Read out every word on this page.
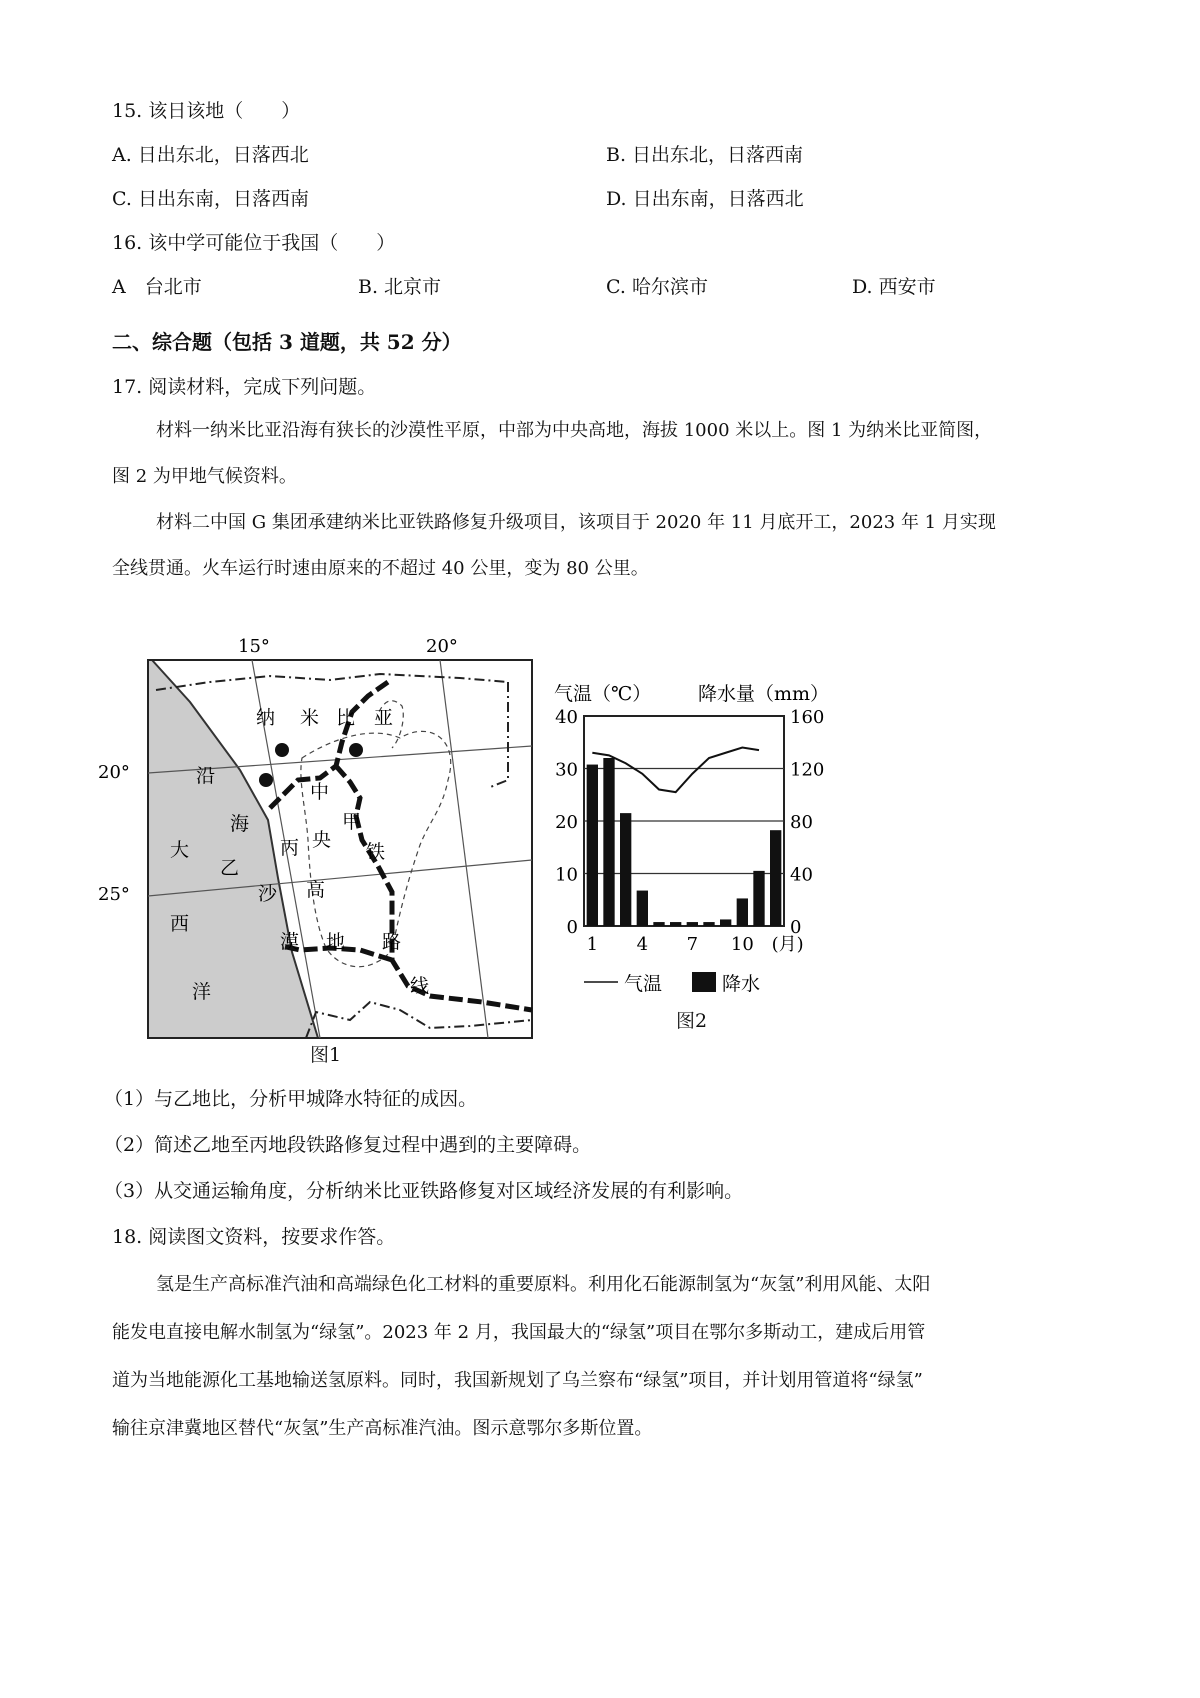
15. 该日该地（　　）
A. 日出东北，日落西北	B. 日出东北，日落西南
C. 日出东南，日落西南	D. 日出东南，日落西北
16. 该中学可能位于我国（　　）
A　台北市	B. 北京市	C. 哈尔滨市	D. 西安市
二、综合题（包括 3 道题，共 52 分）
17. 阅读材料，完成下列问题。
材料一纳米比亚沿海有狭长的沙漠性平原，中部为中央高地，海拔 1000 米以上。图 1 为纳米比亚简图，
图 2 为甲地气候资料。
材料二中国 G 集团承建纳米比亚铁路修复升级项目，该项目于 2020 年 11 月底开工，2023 年 1 月实现
全线贯通。火车运行时速由原来的不超过 40 公里，变为 80 公里。
15°	20°
20°
25°
纳 米 比 亚
沿
海
沙
漠
大
西
洋
中
央
高
地
铁
路
线
甲
乙
丙
图1
气温（℃） 降水量（mm）
0
10
20
30
40
0
40
80
120
160
1 4 7 10 (月)
气温	降水
图2
（1）与乙地比，分析甲城降水特征的成因。
（2）简述乙地至丙地段铁路修复过程中遇到的主要障碍。
（3）从交通运输角度，分析纳米比亚铁路修复对区域经济发展的有利影响。
18. 阅读图文资料，按要求作答。
氢是生产高标准汽油和高端绿色化工材料的重要原料。利用化石能源制氢为“灰氢”利用风能、太阳
能发电直接电解水制氢为“绿氢”。2023 年 2 月，我国最大的“绿氢”项目在鄂尔多斯动工，建成后用管
道为当地能源化工基地输送氢原料。同时，我国新规划了乌兰察布“绿氢”项目，并计划用管道将“绿氢”
输往京津冀地区替代“灰氢”生产高标准汽油。图示意鄂尔多斯位置。
